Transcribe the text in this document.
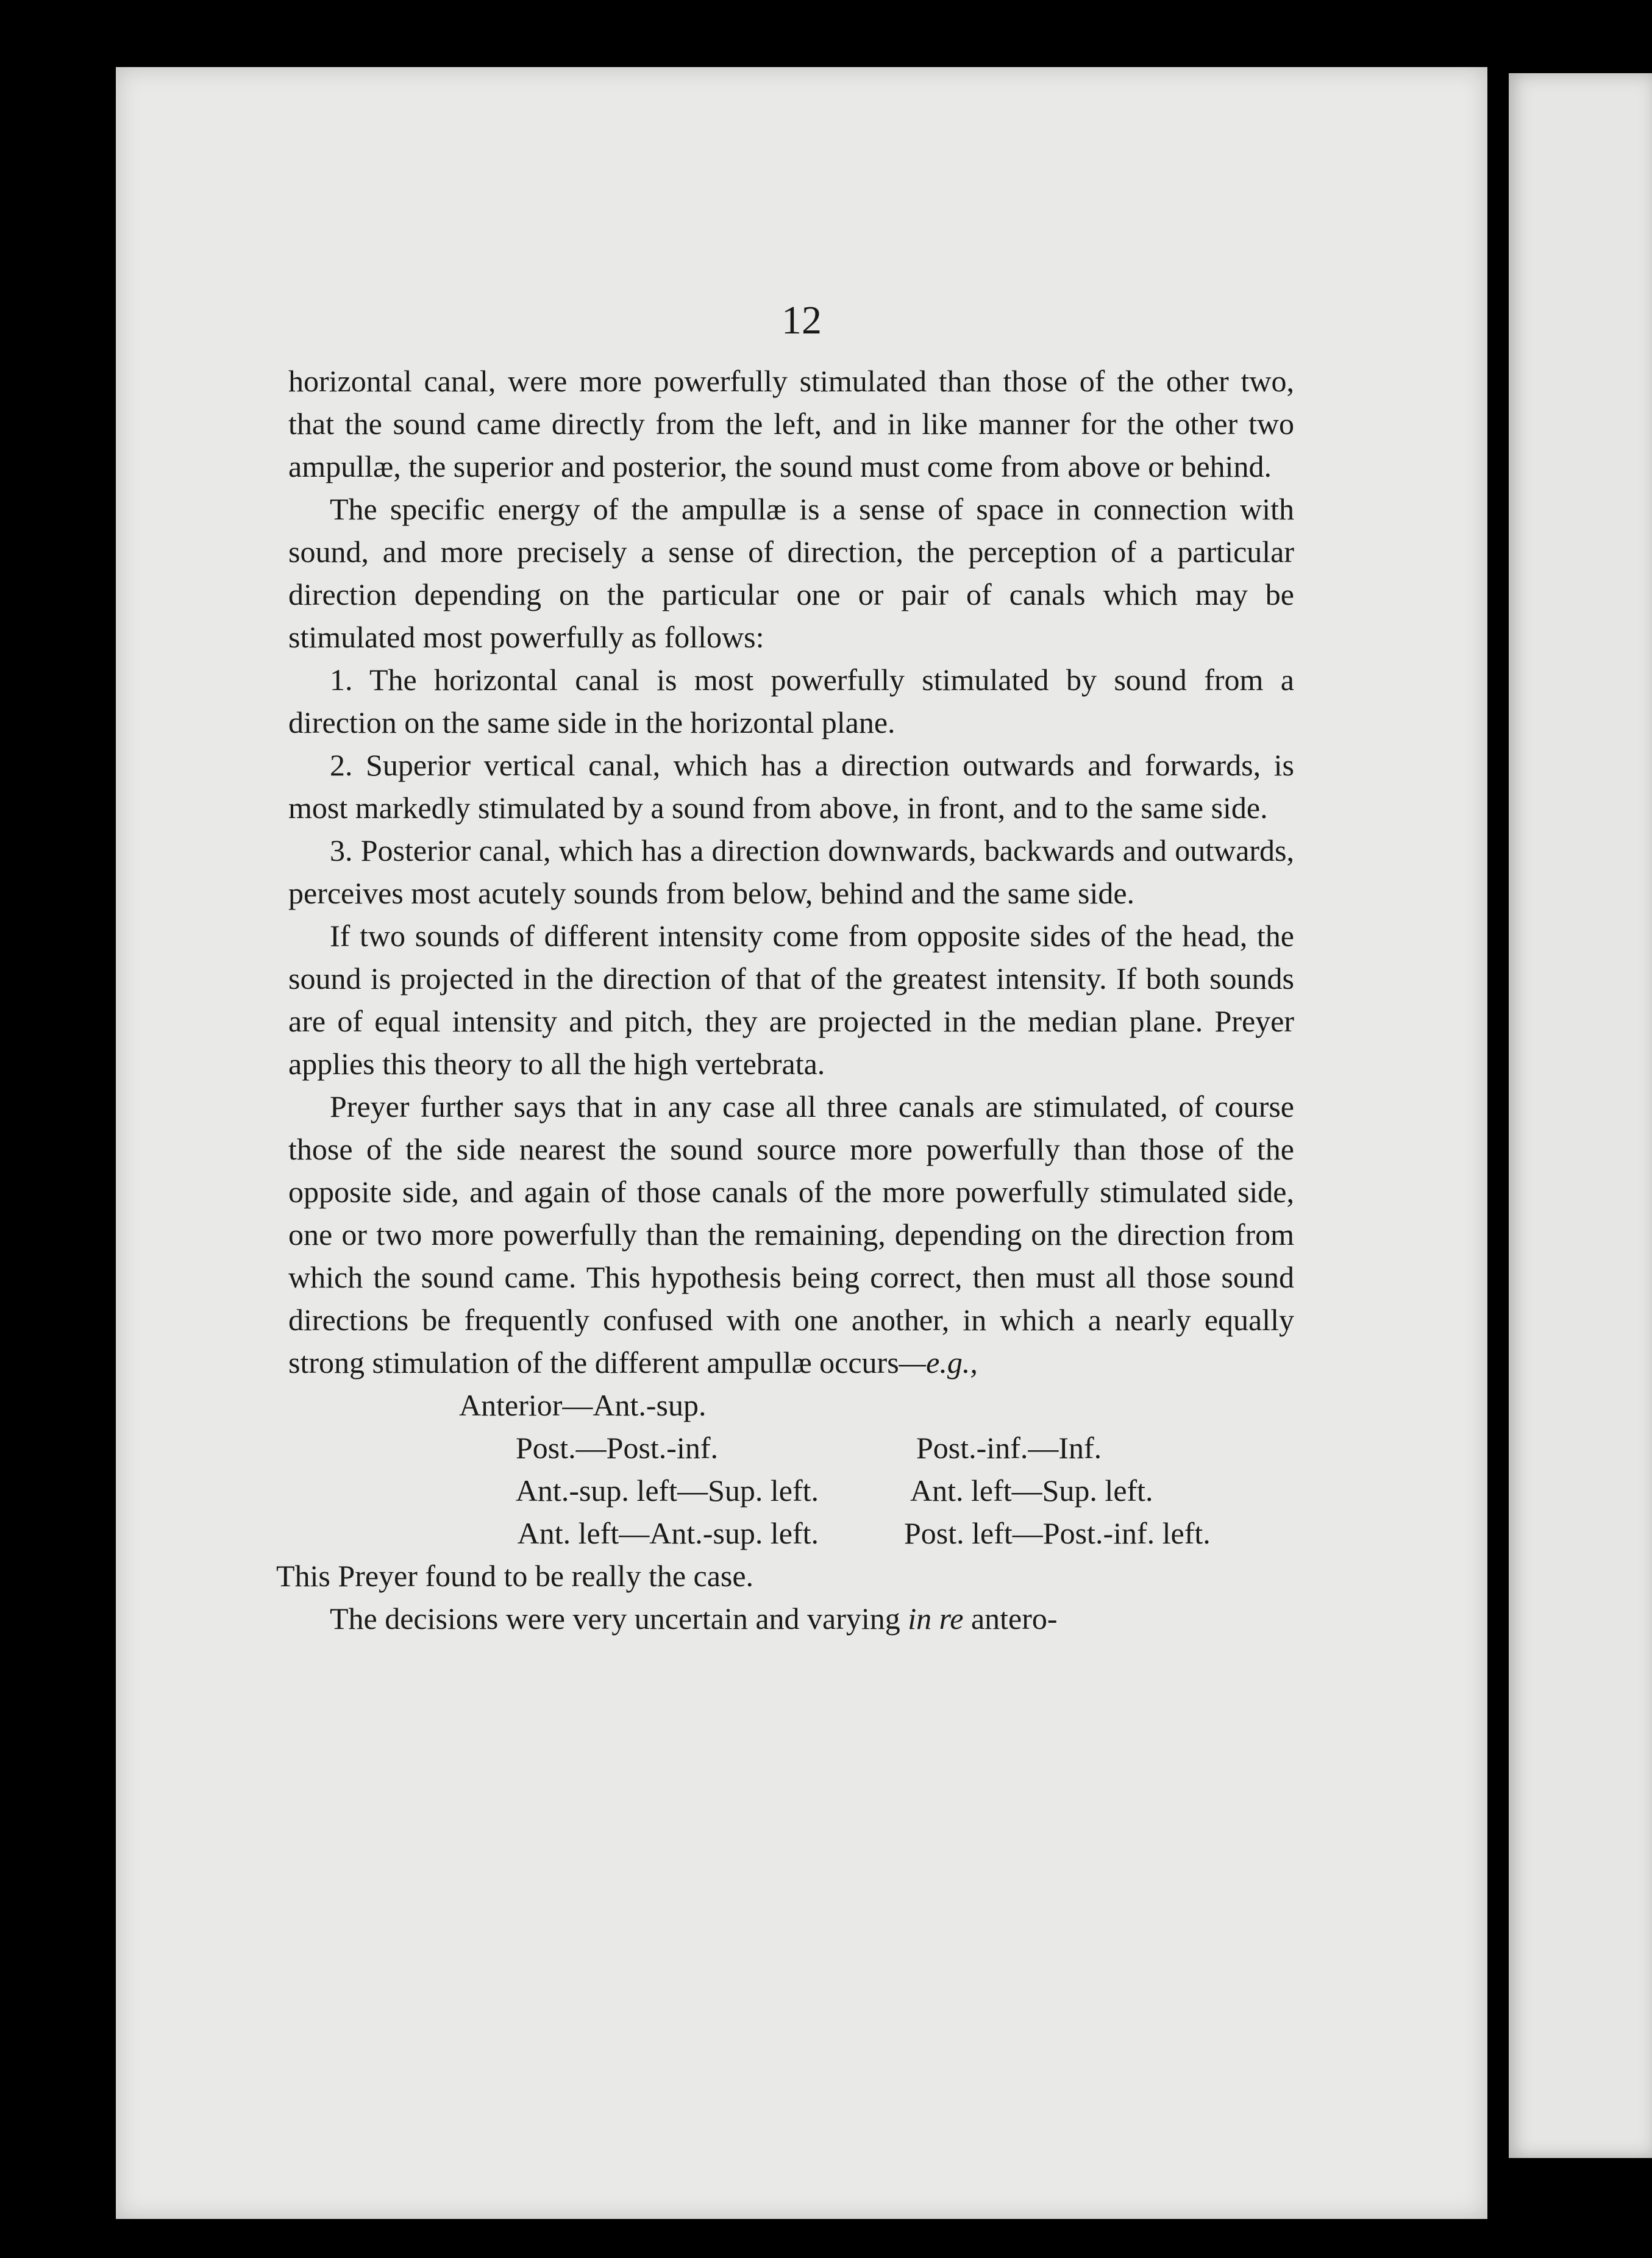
12

horizontal canal, were more powerfully stimulated than those of the other two, that the sound came directly from the left, and in like manner for the other two ampullæ, the superior and posterior, the sound must come from above or behind.

The specific energy of the ampullæ is a sense of space in connection with sound, and more precisely a sense of direction, the perception of a particular direction depending on the particular one or pair of canals which may be stimulated most powerfully as follows:

1. The horizontal canal is most powerfully stimulated by sound from a direction on the same side in the horizontal plane.

2. Superior vertical canal, which has a direction outwards and forwards, is most markedly stimulated by a sound from above, in front, and to the same side.

3. Posterior canal, which has a direction downwards, backwards and outwards, perceives most acutely sounds from below, behind and the same side.

If two sounds of different intensity come from opposite sides of the head, the sound is projected in the direction of that of the greatest intensity. If both sounds are of equal intensity and pitch, they are projected in the median plane. Preyer applies this theory to all the high vertebrata.

Preyer further says that in any case all three canals are stimulated, of course those of the side nearest the sound source more powerfully than those of the opposite side, and again of those canals of the more powerfully stimulated side, one or two more powerfully than the remaining, depending on the direction from which the sound came. This hypothesis being correct, then must all those sound directions be frequently confused with one another, in which a nearly equally strong stimulation of the different ampullæ occurs—e.g.,

Anterior—Ant.-sup.
Post.—Post.-inf.	Post.-inf.—Inf.
Ant.-sup. left—Sup. left.	Ant. left—Sup. left.
Ant. left—Ant.-sup. left.	Post. left—Post.-inf. left.

This Preyer found to be really the case.

The decisions were very uncertain and varying in re antero-
